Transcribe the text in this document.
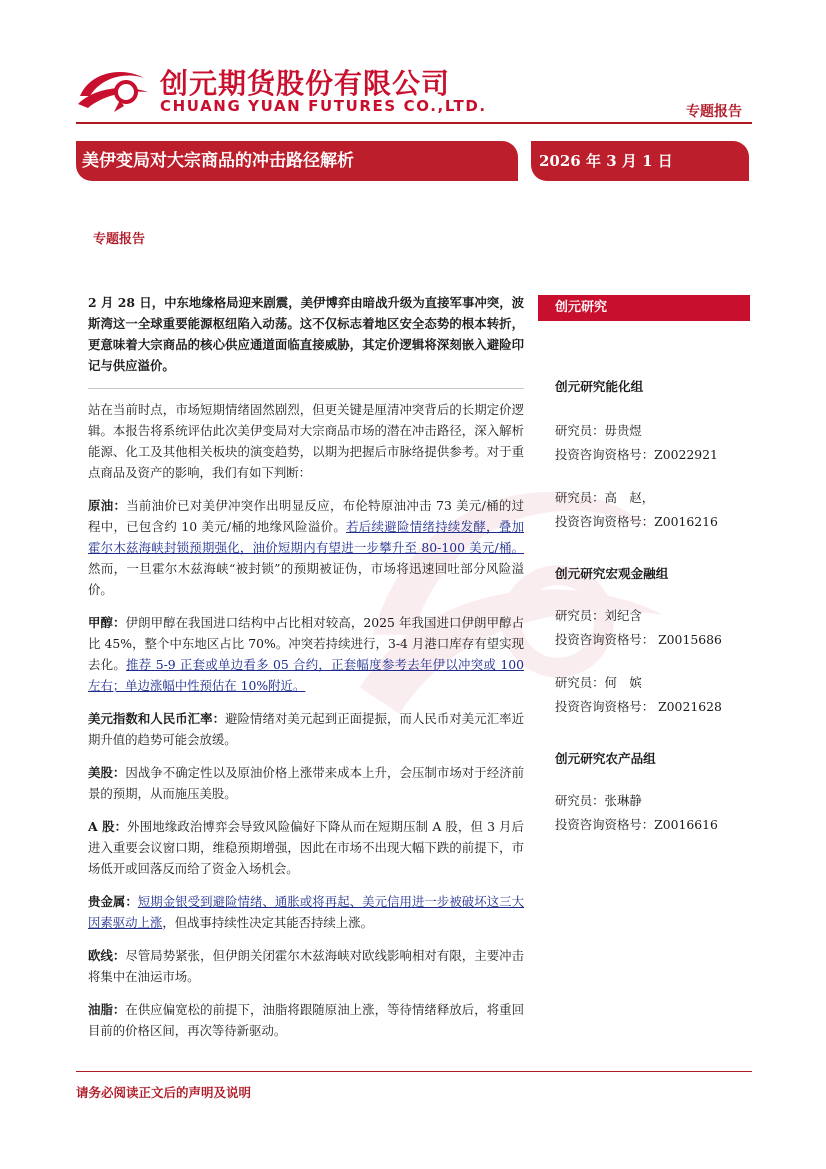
创元期货股份有限公司
CHUANG YUAN FUTURES CO.,LTD.	专题报告
美伊变局对大宗商品的冲击路径解析	2026 年 3 月 1 日
专题报告

2 月 28 日，中东地缘格局迎来剧震，美伊博弈由暗战升级为直接军事冲突，波斯湾这一全球重要能源枢纽陷入动荡。这不仅标志着地区安全态势的根本转折，更意味着大宗商品的核心供应通道面临直接威胁，其定价逻辑将深刻嵌入避险印记与供应溢价。

站在当前时点，市场短期情绪固然剧烈，但更关键是厘清冲突背后的长期定价逻辑。本报告将系统评估此次美伊变局对大宗商品市场的潜在冲击路径，深入解析能源、化工及其他相关板块的演变趋势，以期为把握后市脉络提供参考。对于重点商品及资产的影响，我们有如下判断：

原油：当前油价已对美伊冲突作出明显反应，布伦特原油冲击 73 美元/桶的过程中，已包含约 10 美元/桶的地缘风险溢价。若后续避险情绪持续发酵，叠加霍尔木兹海峡封锁预期强化，油价短期内有望进一步攀升至 80-100 美元/桶。然而，一旦霍尔木兹海峡“被封锁”的预期被证伪，市场将迅速回吐部分风险溢价。

甲醇：伊朗甲醇在我国进口结构中占比相对较高，2025 年我国进口伊朗甲醇占比 45%，整个中东地区占比 70%。冲突若持续进行，3-4 月港口库存有望实现去化。推荐 5-9 正套或单边看多 05 合约，正套幅度参考去年伊以冲突或 100 左右；单边涨幅中性预估在 10%附近。

美元指数和人民币汇率：避险情绪对美元起到正面提振，而人民币对美元汇率近期升值的趋势可能会放缓。

美股：因战争不确定性以及原油价格上涨带来成本上升，会压制市场对于经济前景的预期，从而施压美股。

A 股：外围地缘政治博弈会导致风险偏好下降从而在短期压制 A 股，但 3 月后进入重要会议窗口期，维稳预期增强，因此在市场不出现大幅下跌的前提下，市场低开或回落反而给了资金入场机会。

贵金属：短期金银受到避险情绪、通胀或将再起、美元信用进一步被破坏这三大因素驱动上涨，但战事持续性决定其能否持续上涨。

欧线：尽管局势紧张，但伊朗关闭霍尔木兹海峡对欧线影响相对有限，主要冲击将集中在油运市场。

油脂：在供应偏宽松的前提下，油脂将跟随原油上涨，等待情绪释放后，将重回目前的价格区间，再次等待新驱动。

创元研究
创元研究能化组
研究员：毋贵煜
投资咨询资格号：Z0022921
研究员：高　赵，
投资咨询资格号：Z0016216
创元研究宏观金融组
研究员：刘纪含
投资咨询资格号： Z0015686
研究员：何　嫔
投资咨询资格号： Z0021628
创元研究农产品组
研究员：张琳静
投资咨询资格号：Z0016616
请务必阅读正文后的声明及说明
